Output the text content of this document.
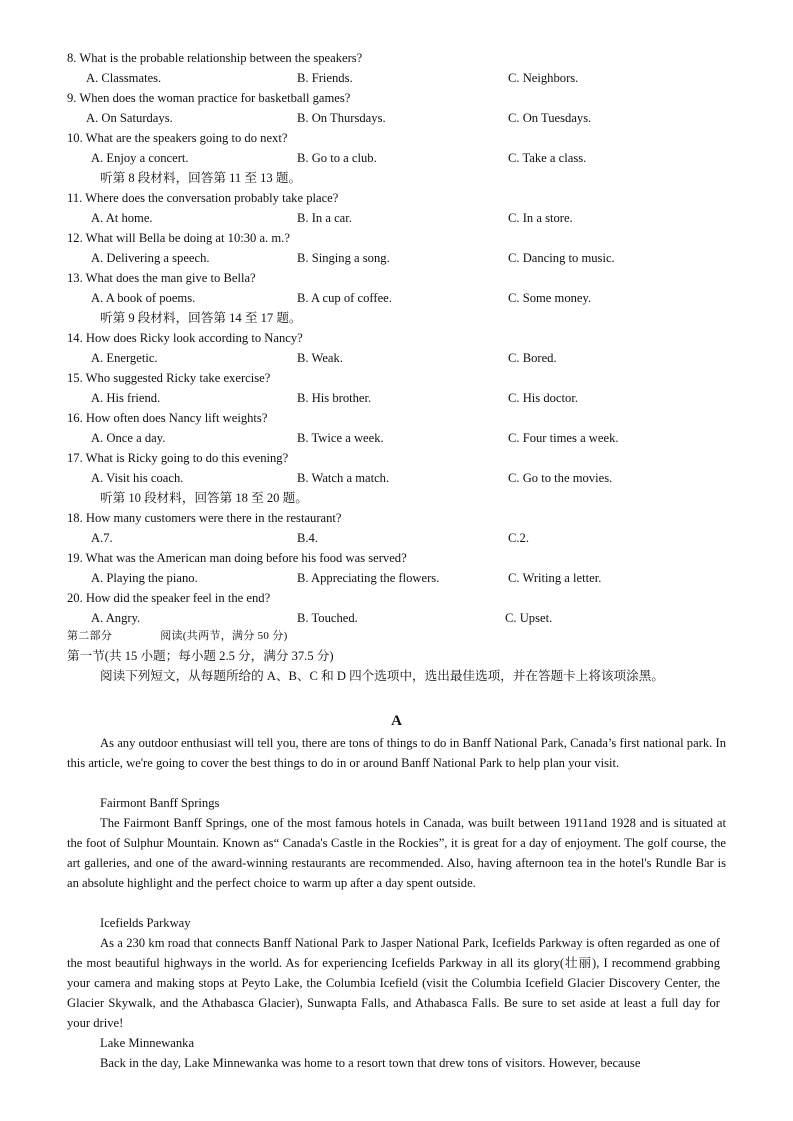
8. What is the probable relationship between the speakers?
A. Classmates.	B. Friends.	C. Neighbors.
9. When does the woman practice for basketball games?
A. On Saturdays.	B. On Thursdays.	C. On Tuesdays.
10. What are the speakers going to do next?
A. Enjoy a concert.	B. Go to a club.	C. Take a class.
听第 8 段材料，回答第 11 至 13 题。
11. Where does the conversation probably take place?
A. At home.	B. In a car.	C. In a store.
12. What will Bella be doing at 10:30 a. m.?
A. Delivering a speech.	B. Singing a song.	C. Dancing to music.
13. What does the man give to Bella?
A. A book of poems.	B. A cup of coffee.	C. Some money.
听第 9 段材料，回答第 14 至 17 题。
14. How does Ricky look according to Nancy?
A. Energetic.	B. Weak.	C. Bored.
15. Who suggested Ricky take exercise?
A. His friend.	B. His brother.	C. His doctor.
16. How often does Nancy lift weights?
A. Once a day.	B. Twice a week.	C. Four times a week.
17. What is Ricky going to do this evening?
A. Visit his coach.	B. Watch a match.	C. Go to the movies.
听第 10 段材料，回答第 18 至 20 题。
18. How many customers were there in the restaurant?
A.7.	B.4.	C.2.
19. What was the American man doing before his food was served?
A. Playing the piano.	B. Appreciating the flowers.	C. Writing a letter.
20. How did the speaker feel in the end?
A. Angry.	B. Touched.	C. Upset.
第二部分	阅读(共两节，满分 50 分)
第一节(共 15 小题；每小题 2.5 分，满分 37.5 分)
阅读下列短文，从每题所给的 A、B、C 和 D 四个选项中，选出最佳选项，并在答题卡上将该项涂黑。
A
As any outdoor enthusiast will tell you, there are tons of things to do in Banff National Park, Canada’s first national park. In this article, we're going to cover the best things to do in or around Banff National Park to help plan your visit.
Fairmont Banff Springs
The Fairmont Banff Springs, one of the most famous hotels in Canada, was built between 1911and 1928 and is situated at the foot of Sulphur Mountain. Known as“ Canada's Castle in the Rockies”, it is great for a day of enjoyment. The golf course, the art galleries, and one of the award-winning restaurants are recommended. Also, having afternoon tea in the hotel's Rundle Bar is an absolute highlight and the perfect choice to warm up after a day spent outside.
Icefields Parkway
As a 230 km road that connects Banff National Park to Jasper National Park, Icefields Parkway is often regarded as one of the most beautiful highways in the world. As for experiencing Icefields Parkway in all its glory(壮丽), I recommend grabbing your camera and making stops at Peyto Lake, the Columbia Icefield (visit the Columbia Icefield Glacier Discovery Center, the Glacier Skywalk, and the Athabasca Glacier), Sunwapta Falls, and Athabasca Falls. Be sure to set aside at least a full day for your drive!
Lake Minnewanka
Back in the day, Lake Minnewanka was home to a resort town that drew tons of visitors. However, because
